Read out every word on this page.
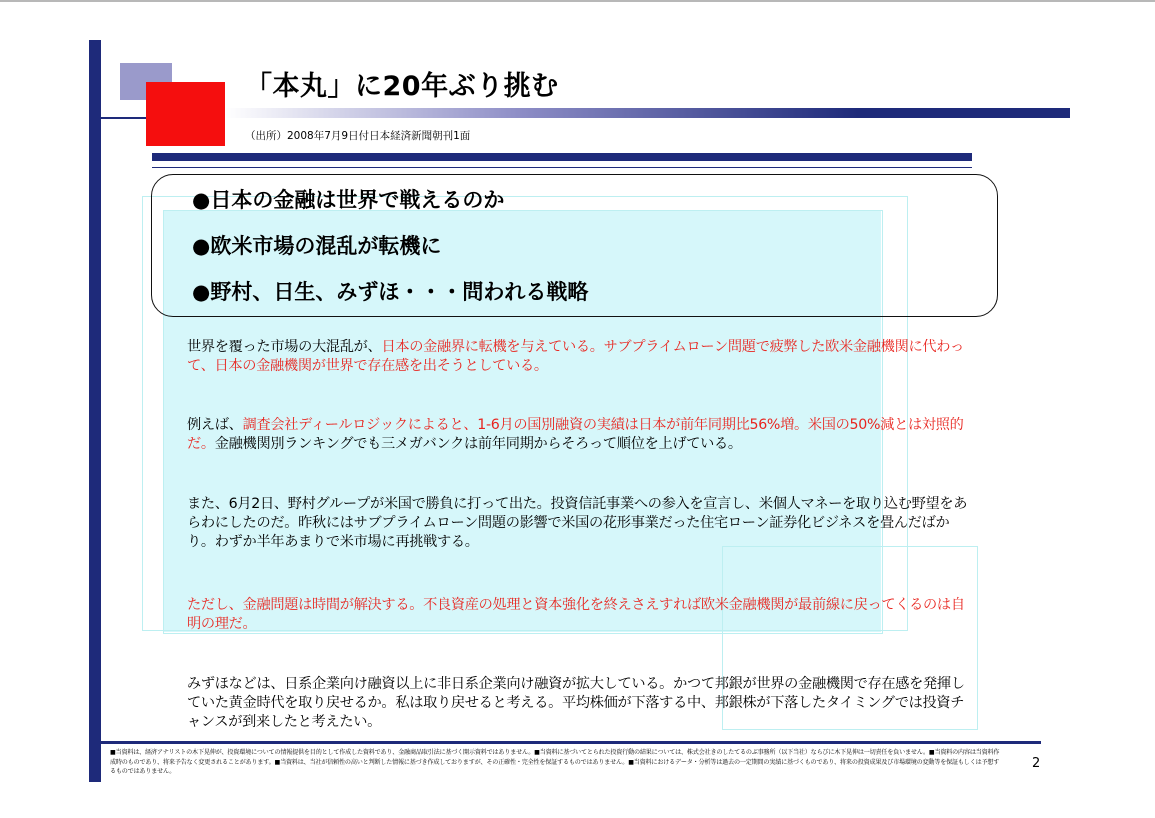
「本丸」に20年ぶり挑む
（出所）2008年7月9日付日本経済新聞朝刊1面
●日本の金融は世界で戦えるのか
●欧米市場の混乱が転機に
●野村、日生、みずほ・・・問われる戦略

世界を覆った市場の大混乱が、日本の金融界に転機を与えている。サブプライムローン問題で疲弊した欧米金融機関に代わって、日本の金融機関が世界で存在感を出そうとしている。

例えば、調査会社ディールロジックによると、1-6月の国別融資の実績は日本が前年同期比56%増。米国の50%減とは対照的だ。金融機関別ランキングでも三メガバンクは前年同期からそろって順位を上げている。

また、6月2日、野村グループが米国で勝負に打って出た。投資信託事業への参入を宣言し、米個人マネーを取り込む野望をあらわにしたのだ。昨秋にはサブプライムローン問題の影響で米国の花形事業だった住宅ローン証券化ビジネスを畳んだばかり。わずか半年あまりで米市場に再挑戦する。

ただし、金融問題は時間が解決する。不良資産の処理と資本強化を終えさえすれば欧米金融機関が最前線に戻ってくるのは自明の理だ。

みずほなどは、日系企業向け融資以上に非日系企業向け融資が拡大している。かつて邦銀が世界の金融機関で存在感を発揮していた黄金時代を取り戻せるか。私は取り戻せると考える。平均株価が下落する中、邦銀株が下落したタイミングでは投資チャンスが到来したと考えたい。

■当資料は、経済アナリストの木下晃伸が、投資環境についての情報提供を目的として作成した資料であり、金融商品取引法に基づく開示資料ではありません。■当資料に基づいてとられた投資行動の結果については、株式会社きのしたてるのぶ事務所（以下当社）ならびに木下晃伸は一切責任を負いません。■当資料の内容は当資料作成時のものであり、将来予告なく変更されることがあります。■当資料は、当社が信頼性の高いと判断した情報に基づき作成しておりますが、その正確性・完全性を保証するものではありません。■当資料におけるデータ・分析等は過去の一定期間の実績に基づくものであり、将来の投資成果及び市場環境の変動等を保証もしくは予想するものではありません。

2
